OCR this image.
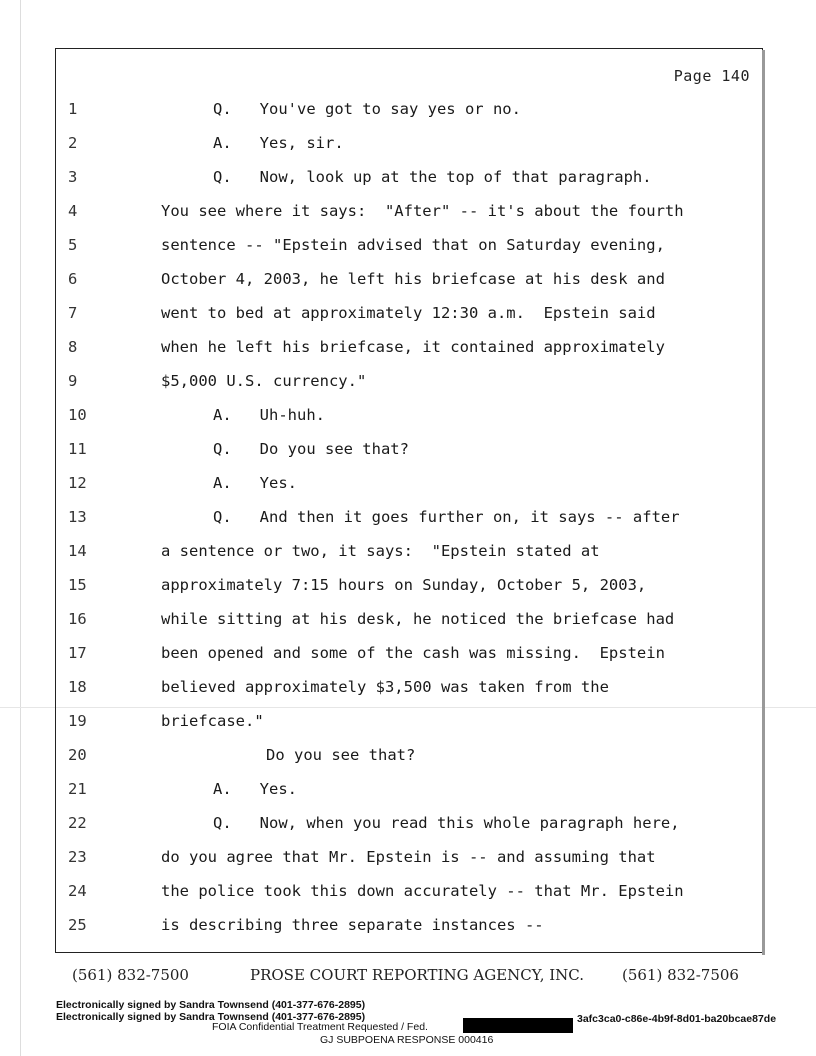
Page 140
1	Q.   You've got to say yes or no.
2	A.   Yes, sir.
3	Q.   Now, look up at the top of that paragraph.
4	You see where it says:  "After" -- it's about the fourth
5	sentence -- "Epstein advised that on Saturday evening,
6	October 4, 2003, he left his briefcase at his desk and
7	went to bed at approximately 12:30 a.m.  Epstein said
8	when he left his briefcase, it contained approximately
9	$5,000 U.S. currency."
10	A.   Uh-huh.
11	Q.   Do you see that?
12	A.   Yes.
13	Q.   And then it goes further on, it says -- after
14	a sentence or two, it says:  "Epstein stated at
15	approximately 7:15 hours on Sunday, October 5, 2003,
16	while sitting at his desk, he noticed the briefcase had
17	been opened and some of the cash was missing.  Epstein
18	believed approximately $3,500 was taken from the
19	briefcase."
20	Do you see that?
21	A.   Yes.
22	Q.   Now, when you read this whole paragraph here,
23	do you agree that Mr. Epstein is -- and assuming that
24	the police took this down accurately -- that Mr. Epstein
25	is describing three separate instances --
(561) 832-7500	PROSE COURT REPORTING AGENCY, INC.	(561) 832-7506
Electronically signed by Sandra Townsend (401-377-676-2895)
Electronically signed by Sandra Townsend (401-377-676-2895)
FOIA Confidential Treatment Requested / Fed.
3afc3ca0-c86e-4b9f-8d01-ba20bcae87de
GJ SUBPOENA RESPONSE 000416
